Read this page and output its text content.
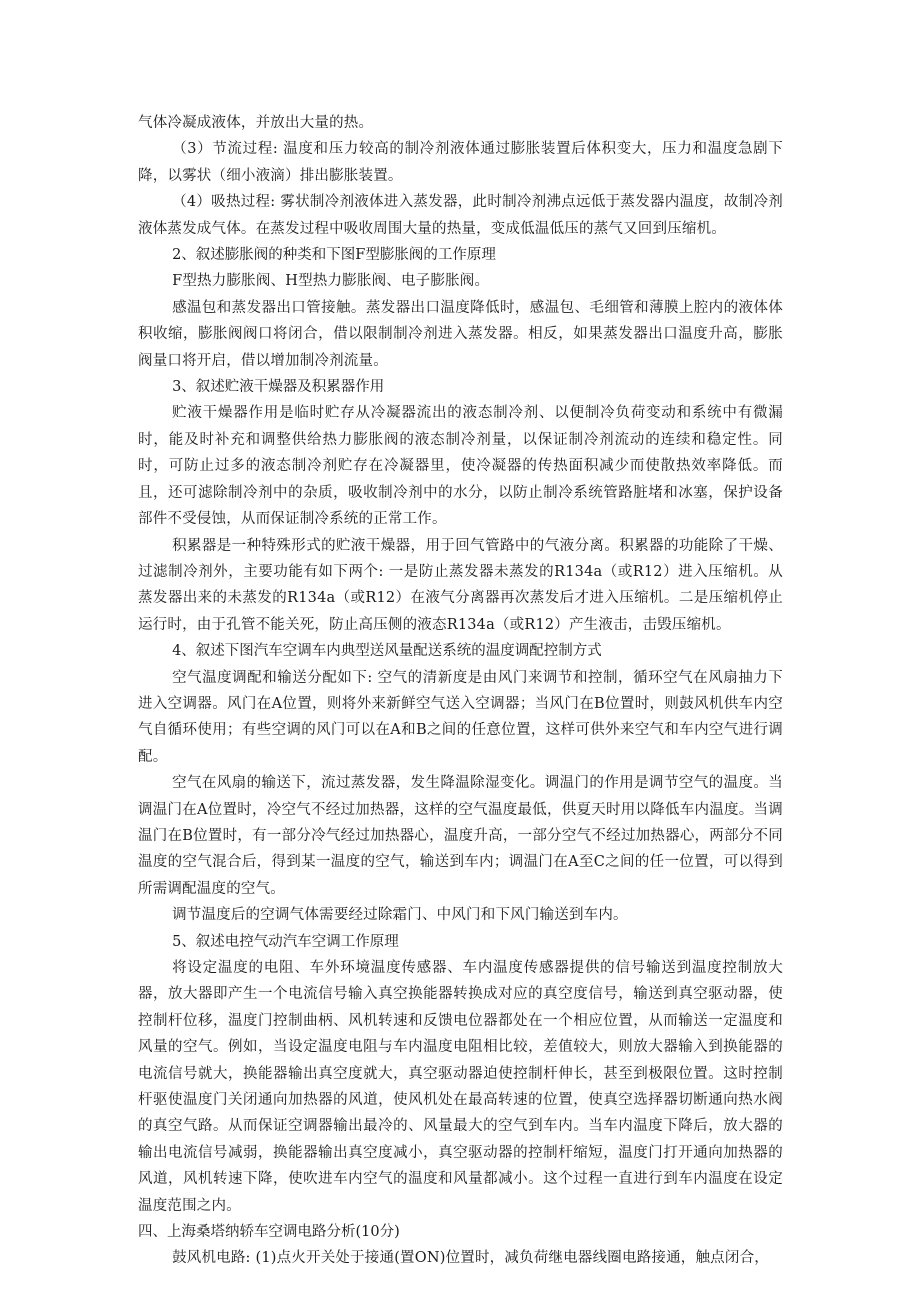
气体冷凝成液体，并放出大量的热。

（3）节流过程: 温度和压力较高的制冷剂液体通过膨胀装置后体积变大，压力和温度急剧下降，以雾状（细小液滴）排出膨胀装置。

（4）吸热过程: 雾状制冷剂液体进入蒸发器，此时制冷剂沸点远低于蒸发器内温度，故制冷剂液体蒸发成气体。在蒸发过程中吸收周围大量的热量，变成低温低压的蒸气又回到压缩机。

2、叙述膨胀阀的种类和下图F型膨胀阀的工作原理

F型热力膨胀阀、H型热力膨胀阀、电子膨胀阀。

感温包和蒸发器出口管接触。蒸发器出口温度降低时，感温包、毛细管和薄膜上腔内的液体体积收缩，膨胀阀阀口将闭合，借以限制制冷剂进入蒸发器。相反，如果蒸发器出口温度升高，膨胀阀量口将开启，借以增加制冷剂流量。

3、叙述贮液干燥器及积累器作用

贮液干燥器作用是临时贮存从冷凝器流出的液态制冷剂、以便制冷负荷变动和系统中有微漏时，能及时补充和调整供给热力膨胀阀的液态制冷剂量，以保证制冷剂流动的连续和稳定性。同时，可防止过多的液态制冷剂贮存在冷凝器里，使冷凝器的传热面积减少而使散热效率降低。而且，还可滤除制冷剂中的杂质，吸收制冷剂中的水分，以防止制冷系统管路脏堵和冰塞，保护设备部件不受侵蚀，从而保证制冷系统的正常工作。

积累器是一种特殊形式的贮液干燥器，用于回气管路中的气液分离。积累器的功能除了干燥、过滤制冷剂外，主要功能有如下两个: 一是防止蒸发器未蒸发的R134a（或R12）进入压缩机。从蒸发器出来的未蒸发的R134a（或R12）在液气分离器再次蒸发后才进入压缩机。二是压缩机停止运行时，由于孔管不能关死，防止高压侧的液态R134a（或R12）产生液击，击毁压缩机。

4、叙述下图汽车空调车内典型送风量配送系统的温度调配控制方式

空气温度调配和输送分配如下: 空气的清新度是由风门来调节和控制，循环空气在风扇抽力下进入空调器。风门在A位置，则将外来新鲜空气送入空调器；当风门在B位置时，则鼓风机供车内空气自循环使用；有些空调的风门可以在A和B之间的任意位置，这样可供外来空气和车内空气进行调配。

空气在风扇的输送下，流过蒸发器，发生降温除湿变化。调温门的作用是调节空气的温度。当调温门在A位置时，冷空气不经过加热器，这样的空气温度最低，供夏天时用以降低车内温度。当调温门在B位置时，有一部分冷气经过加热器心，温度升高，一部分空气不经过加热器心，两部分不同温度的空气混合后，得到某一温度的空气，输送到车内；调温门在A至C之间的任一位置，可以得到所需调配温度的空气。

调节温度后的空调气体需要经过除霜门、中风门和下风门输送到车内。

5、叙述电控气动汽车空调工作原理

将设定温度的电阻、车外环境温度传感器、车内温度传感器提供的信号输送到温度控制放大器，放大器即产生一个电流信号输入真空换能器转换成对应的真空度信号，输送到真空驱动器，使控制杆位移，温度门控制曲柄、风机转速和反馈电位器都处在一个相应位置，从而输送一定温度和风量的空气。例如，当设定温度电阻与车内温度电阻相比较，差值较大，则放大器输入到换能器的电流信号就大，换能器输出真空度就大，真空驱动器迫使控制杆伸长，甚至到极限位置。这时控制杆驱使温度门关闭通向加热器的风道，使风机处在最高转速的位置，使真空选择器切断通向热水阀的真空气路。从而保证空调器输出最冷的、风量最大的空气到车内。当车内温度下降后，放大器的输出电流信号减弱，换能器输出真空度减小，真空驱动器的控制杆缩短，温度门打开通向加热器的风道，风机转速下降，使吹进车内空气的温度和风量都减小。这个过程一直进行到车内温度在设定温度范围之内。

四、上海桑塔纳轿车空调电路分析(10分)

鼓风机电路: (1)点火开关处于接通(置ON)位置时，减负荷继电器线圈电路接通，触点闭合，
